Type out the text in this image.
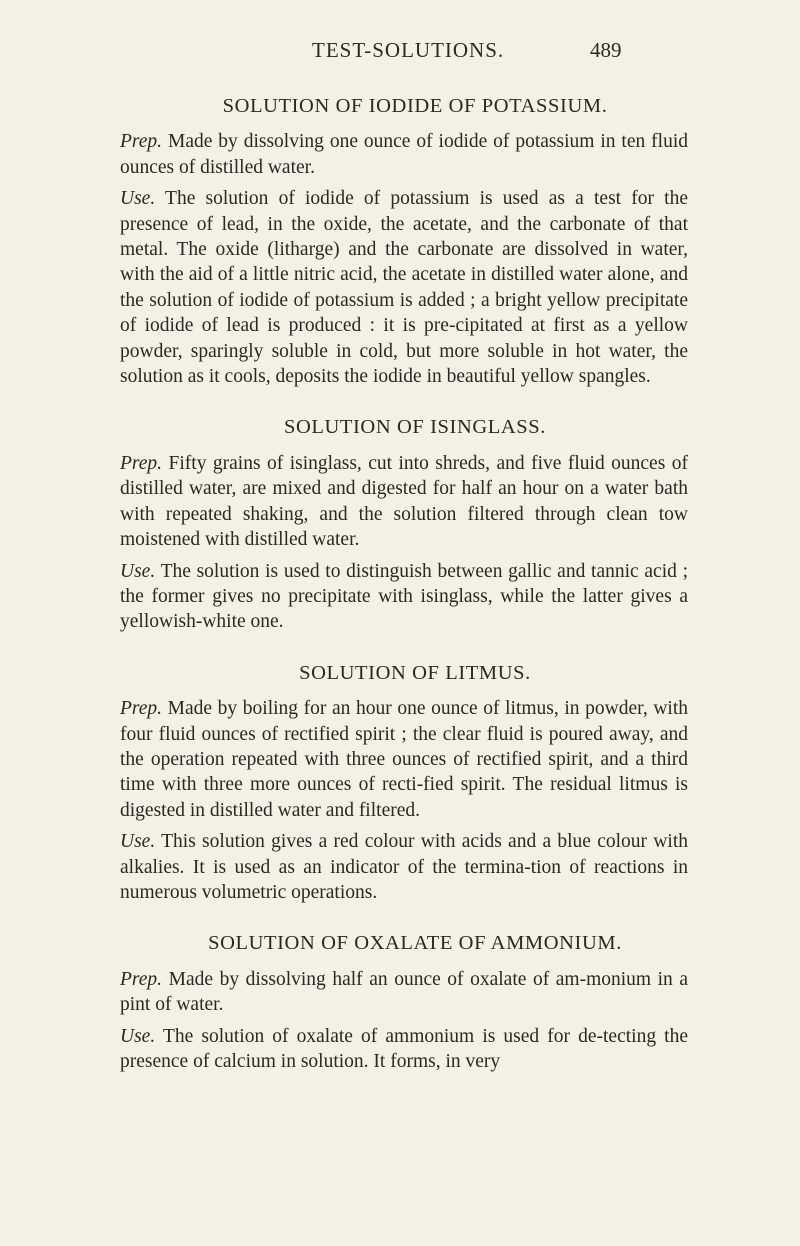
TEST-SOLUTIONS.	489
SOLUTION OF IODIDE OF POTASSIUM.

Prep. Made by dissolving one ounce of iodide of potassium in ten fluid ounces of distilled water.

Use. The solution of iodide of potassium is used as a test for the presence of lead, in the oxide, the acetate, and the carbonate of that metal. The oxide (litharge) and the carbonate are dissolved in water, with the aid of a little nitric acid, the acetate in distilled water alone, and the solution of iodide of potassium is added ; a bright yellow precipitate of iodide of lead is produced : it is pre-cipitated at first as a yellow powder, sparingly soluble in cold, but more soluble in hot water, the solution as it cools, deposits the iodide in beautiful yellow spangles.

SOLUTION OF ISINGLASS.

Prep. Fifty grains of isinglass, cut into shreds, and five fluid ounces of distilled water, are mixed and digested for half an hour on a water bath with repeated shaking, and the solution filtered through clean tow moistened with distilled water.

Use. The solution is used to distinguish between gallic and tannic acid ; the former gives no precipitate with isinglass, while the latter gives a yellowish-white one.

SOLUTION OF LITMUS.

Prep. Made by boiling for an hour one ounce of litmus, in powder, with four fluid ounces of rectified spirit ; the clear fluid is poured away, and the operation repeated with three ounces of rectified spirit, and a third time with three more ounces of recti-fied spirit. The residual litmus is digested in distilled water and filtered.

Use. This solution gives a red colour with acids and a blue colour with alkalies. It is used as an indicator of the termina-tion of reactions in numerous volumetric operations.

SOLUTION OF OXALATE OF AMMONIUM.

Prep. Made by dissolving half an ounce of oxalate of am-monium in a pint of water.

Use. The solution of oxalate of ammonium is used for de-tecting the presence of calcium in solution. It forms, in very
